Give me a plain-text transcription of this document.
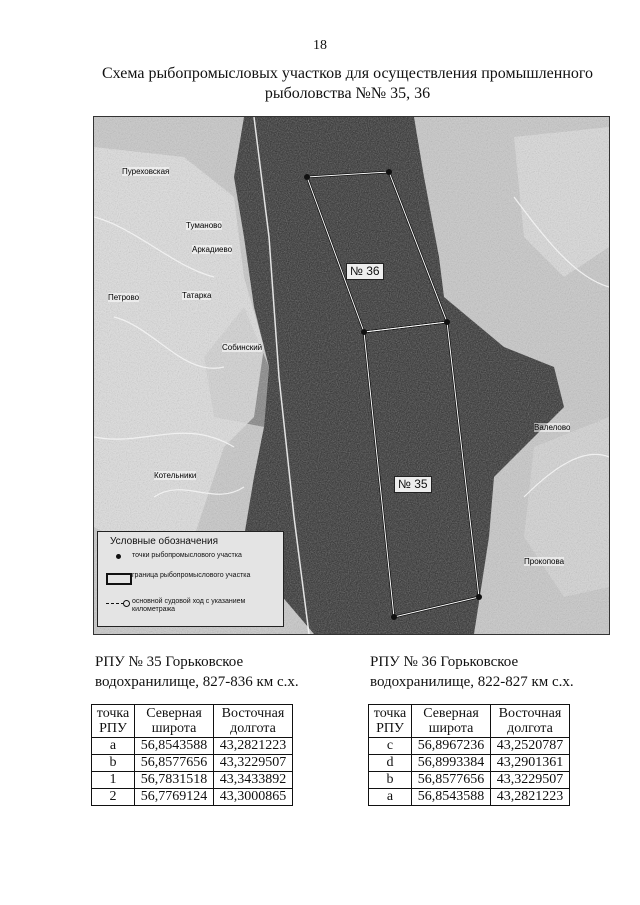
18
Схема рыбопромысловых участков для осуществления промышленного рыболовства №№ 35, 36
№ 36
№ 35
Пуреховская
Туманово
Аркадиево
Петрово	Татарка
Собинский
Котельники
Валелово
Прокопова
Условные обозначения
точки рыбопромыслового участка
граница рыбопромыслового участка
основной судовой ход с указанием километража
РПУ № 35 Горьковское
водохранилище, 827-836 км с.х.
точка РПУ	Северная широта	Восточная долгота
a	56,8543588	43,2821223
b	56,8577656	43,3229507
1	56,7831518	43,3433892
2	56,7769124	43,3000865
РПУ № 36 Горьковское
водохранилище, 822-827 км с.х.
точка РПУ	Северная широта	Восточная долгота
c	56,8967236	43,2520787
d	56,8993384	43,2901361
b	56,8577656	43,3229507
a	56,8543588	43,2821223
